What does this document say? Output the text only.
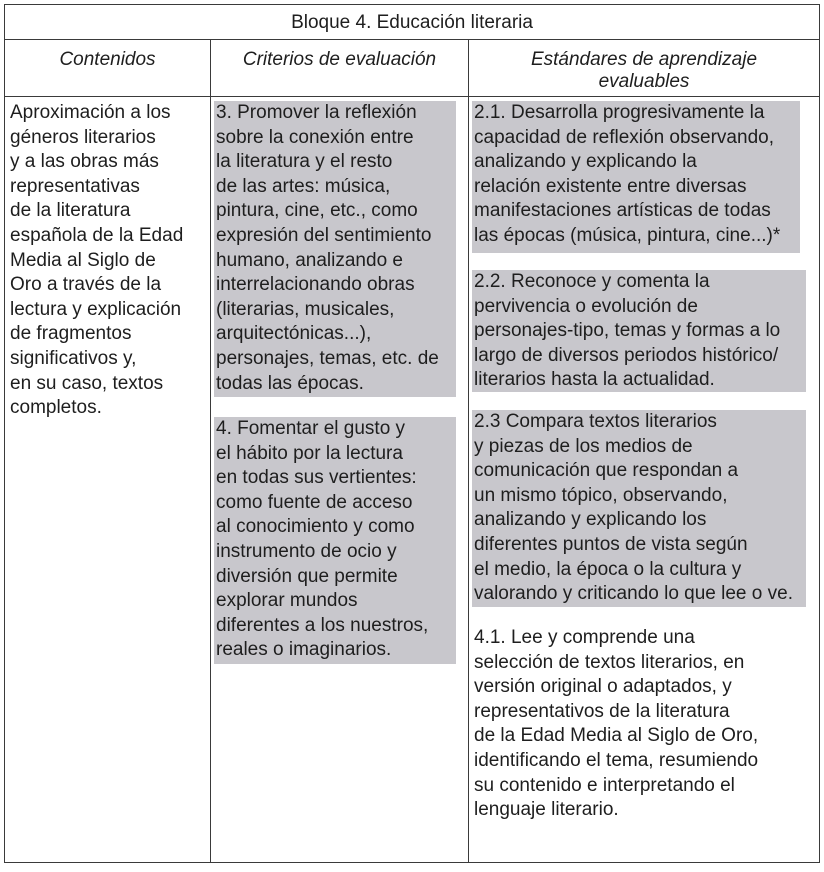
Bloque 4. Educación literaria
Contenidos	Criterios de evaluación	Estándares de aprendizaje
evaluables
Aproximación a los
géneros literarios
y a las obras más
representativas
de la literatura
española de la Edad
Media al Siglo de
Oro a través de la
lectura y explicación
de fragmentos
significativos y,
en su caso, textos
completos.
3. Promover la reflexión
sobre la conexión entre
la literatura y el resto
de las artes: música,
pintura, cine, etc., como
expresión del sentimiento
humano, analizando e
interrelacionando obras
(literarias, musicales,
arquitectónicas...),
personajes, temas, etc. de
todas las épocas.
4. Fomentar el gusto y
el hábito por la lectura
en todas sus vertientes:
como fuente de acceso
al conocimiento y como
instrumento de ocio y
diversión que permite
explorar mundos
diferentes a los nuestros,
reales o imaginarios.
2.1. Desarrolla progresivamente la
capacidad de reflexión observando,
analizando y explicando la
relación existente entre diversas
manifestaciones artísticas de todas
las épocas (música, pintura, cine...)*
2.2. Reconoce y comenta la
pervivencia o evolución de
personajes-tipo, temas y formas a lo
largo de diversos periodos histórico/
literarios hasta la actualidad.
2.3 Compara textos literarios
y piezas de los medios de
comunicación que respondan a
un mismo tópico, observando,
analizando y explicando los
diferentes puntos de vista según
el medio, la época o la cultura y
valorando y criticando lo que lee o ve.
4.1. Lee y comprende una
selección de textos literarios, en
versión original o adaptados, y
representativos de la literatura
de la Edad Media al Siglo de Oro,
identificando el tema, resumiendo
su contenido e interpretando el
lenguaje literario.
